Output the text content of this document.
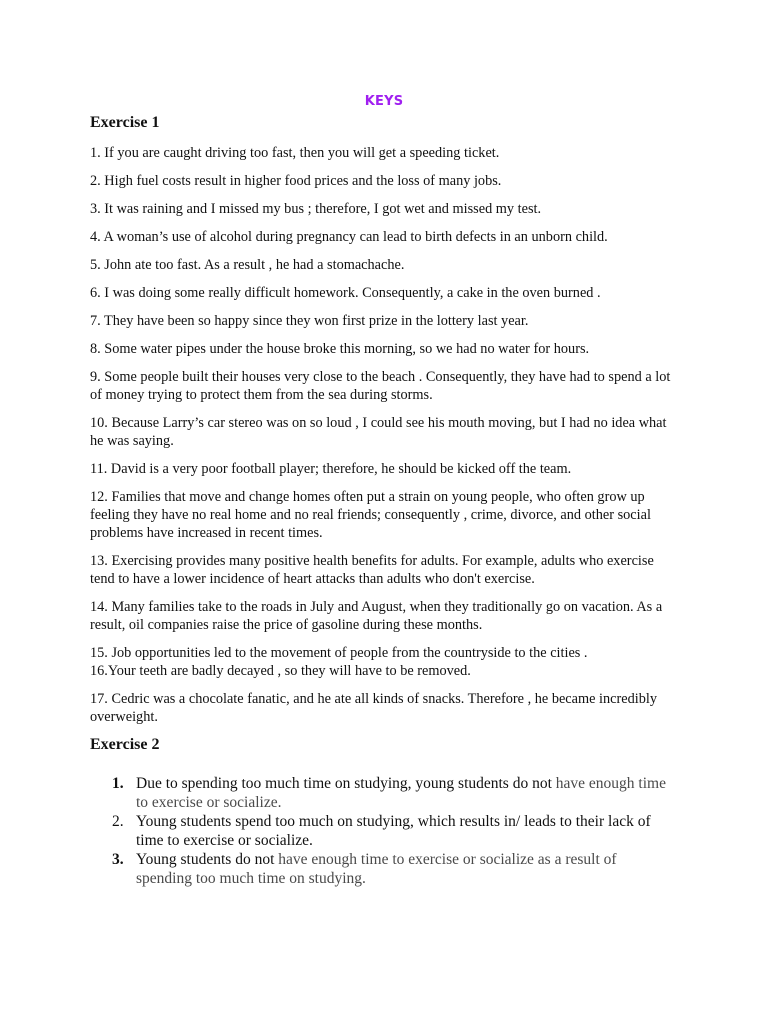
KEYS
Exercise 1

1. If you are caught driving too fast, then you will get a speeding ticket.

2. High fuel costs result in higher food prices and the loss of many jobs.

3. It was raining and I missed my bus ; therefore, I got wet and missed my test.

4. A woman’s use of alcohol during pregnancy can lead to birth defects in an unborn child.

5. John ate too fast. As a result , he had a stomachache.

6. I was doing some really difficult homework. Consequently, a cake in the oven burned .

7. They have been so happy since they won first prize in the lottery last year.

8. Some water pipes under the house broke this morning, so we had no water for hours.

9. Some people built their houses very close to the beach . Consequently, they have had to spend a lot of money trying to protect them from the sea during storms.

10. Because Larry’s car stereo was on so loud , I could see his mouth moving, but I had no idea what he was saying.

11. David is a very poor football player; therefore, he should be kicked off the team.

12. Families that move and change homes often put a strain on young people, who often grow up feeling they have no real home and no real friends; consequently , crime, divorce, and other social problems have increased in recent times.

13. Exercising provides many positive health benefits for adults. For example, adults who exercise tend to have a lower incidence of heart attacks than adults who don't exercise.

14. Many families take to the roads in July and August, when they traditionally go on vacation. As a result, oil companies raise the price of gasoline during these months.

15. Job opportunities led to the movement of people from the countryside to the cities .

16.Your teeth are badly decayed , so they will have to be removed.

17. Cedric was a chocolate fanatic, and he ate all kinds of snacks. Therefore , he became incredibly overweight.

Exercise 2
1. Due to spending too much time on studying, young students do not have enough time to exercise or socialize.
2. Young students spend too much on studying, which results in/ leads to their lack of time to exercise or socialize.
3. Young students do not have enough time to exercise or socialize as a result of spending too much time on studying.
